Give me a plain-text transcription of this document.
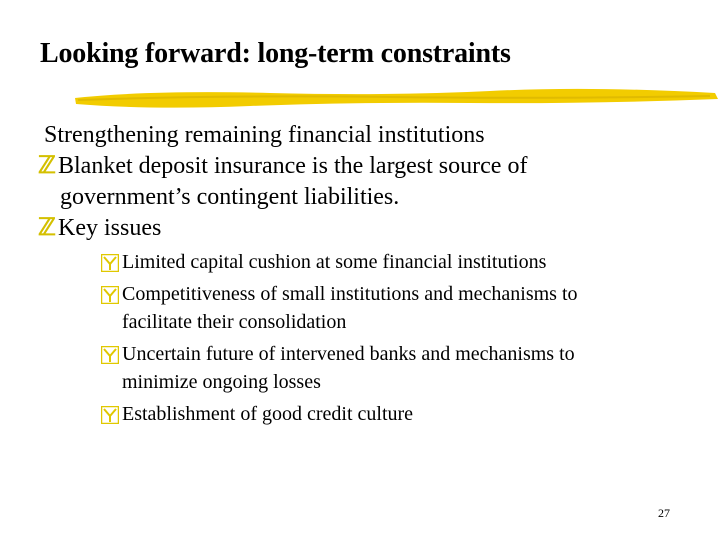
Looking forward: long-term constraints
Strengthening remaining financial institutions
ℤ Blanket deposit insurance is the largest source of
government’s contingent liabilities.
ℤ Key issues
Limited capital cushion at some financial institutions
Competitiveness of small institutions and mechanisms to
facilitate their consolidation
Uncertain future of intervened banks and mechanisms to
minimize ongoing losses
Establishment of good credit culture
27
